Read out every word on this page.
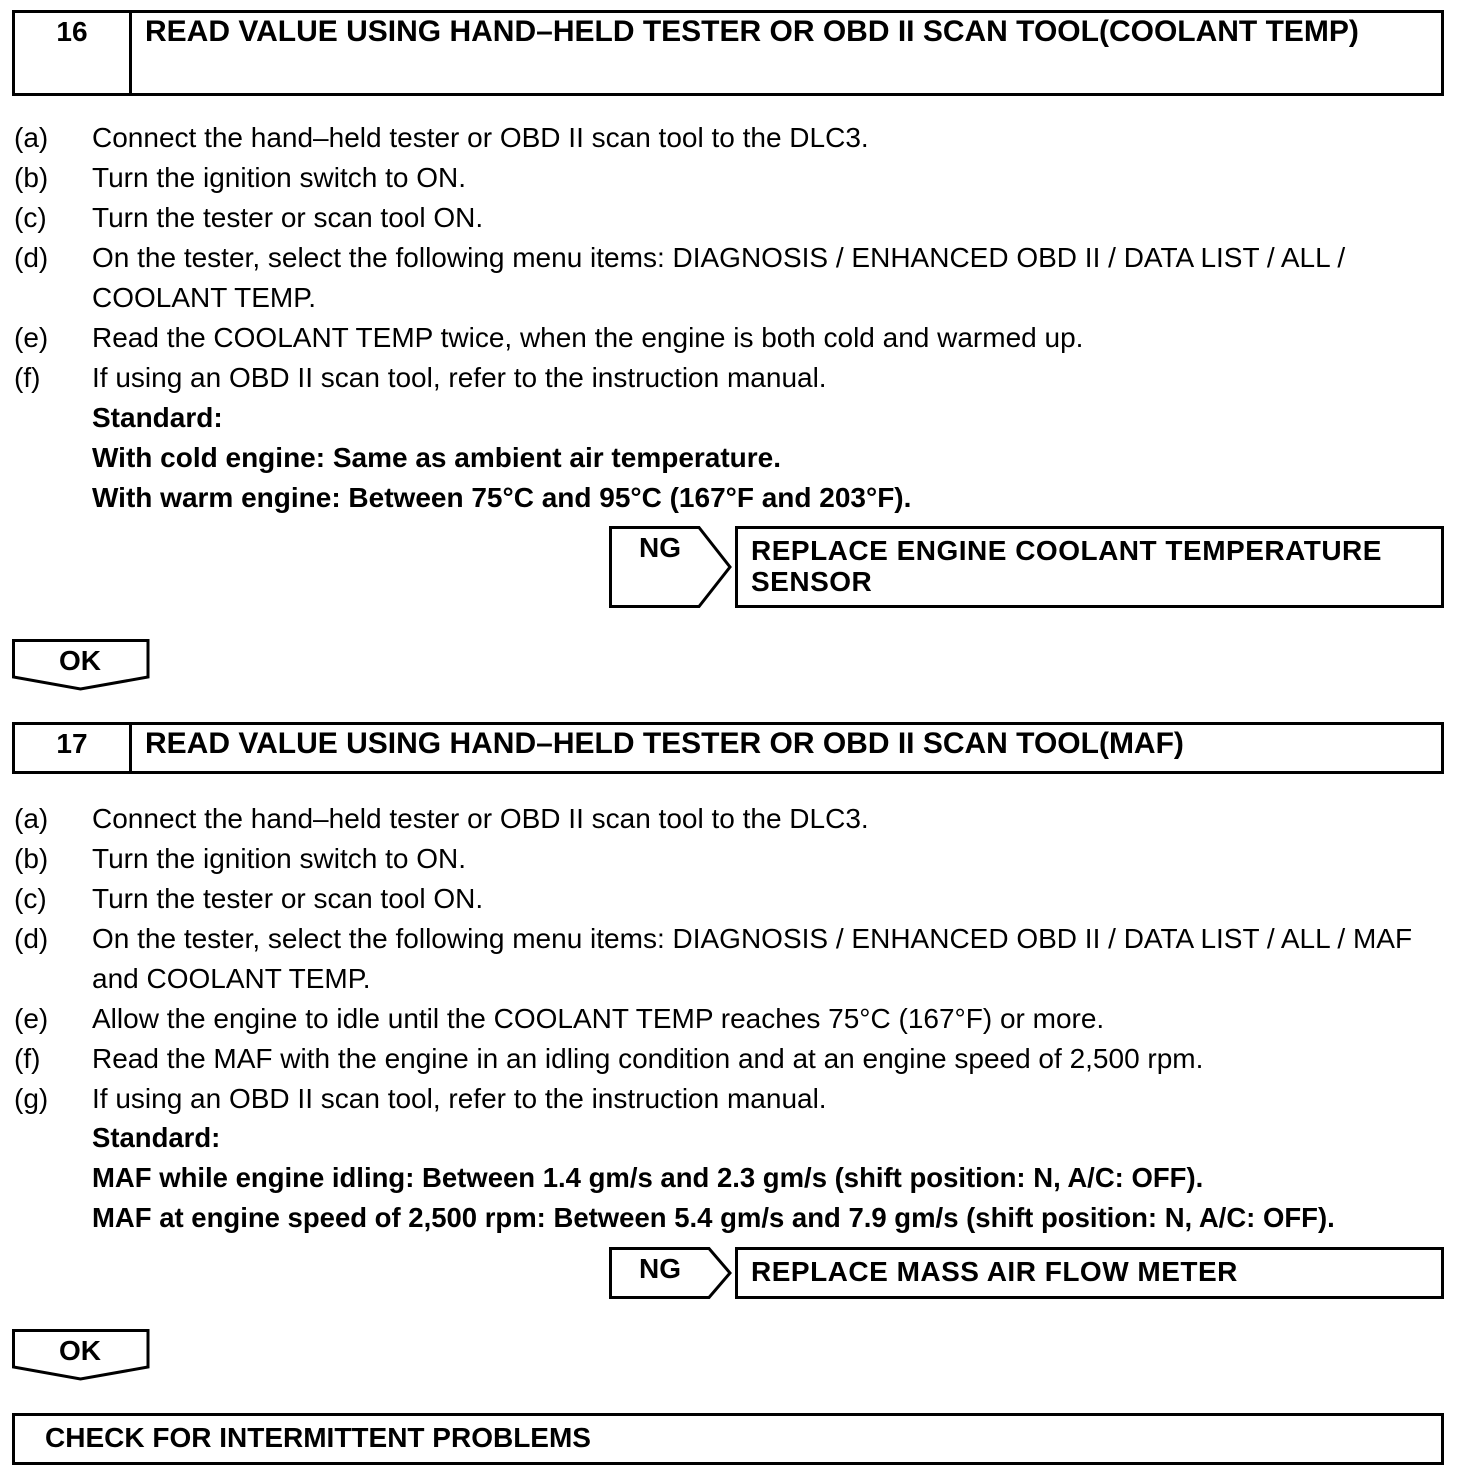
16	READ VALUE USING HAND–HELD TESTER OR OBD II SCAN TOOL(COOLANT TEMP)
(a)	Connect the hand–held tester or OBD II scan tool to the DLC3.
(b)	Turn the ignition switch to ON.
(c)	Turn the tester or scan tool ON.
(d)	On the tester, select the following menu items: DIAGNOSIS / ENHANCED OBD II / DATA LIST / ALL / COOLANT TEMP.
(e)	Read the COOLANT TEMP twice, when the engine is both cold and warmed up.
(f)	If using an OBD II scan tool, refer to the instruction manual.
Standard:
With cold engine: Same as ambient air temperature.
With warm engine: Between 75°C and 95°C (167°F and 203°F).
NG	REPLACE ENGINE COOLANT TEMPERATURE SENSOR
OK
17	READ VALUE USING HAND–HELD TESTER OR OBD II SCAN TOOL(MAF)
(a)	Connect the hand–held tester or OBD II scan tool to the DLC3.
(b)	Turn the ignition switch to ON.
(c)	Turn the tester or scan tool ON.
(d)	On the tester, select the following menu items: DIAGNOSIS / ENHANCED OBD II / DATA LIST / ALL / MAF and COOLANT TEMP.
(e)	Allow the engine to idle until the COOLANT TEMP reaches 75°C (167°F) or more.
(f)	Read the MAF with the engine in an idling condition and at an engine speed of 2,500 rpm.
(g)	If using an OBD II scan tool, refer to the instruction manual.
Standard:
MAF while engine idling: Between 1.4 gm/s and 2.3 gm/s (shift position: N, A/C: OFF).
MAF at engine speed of 2,500 rpm: Between 5.4 gm/s and 7.9 gm/s (shift position: N, A/C: OFF).
NG	REPLACE MASS AIR FLOW METER
OK
CHECK FOR INTERMITTENT PROBLEMS
